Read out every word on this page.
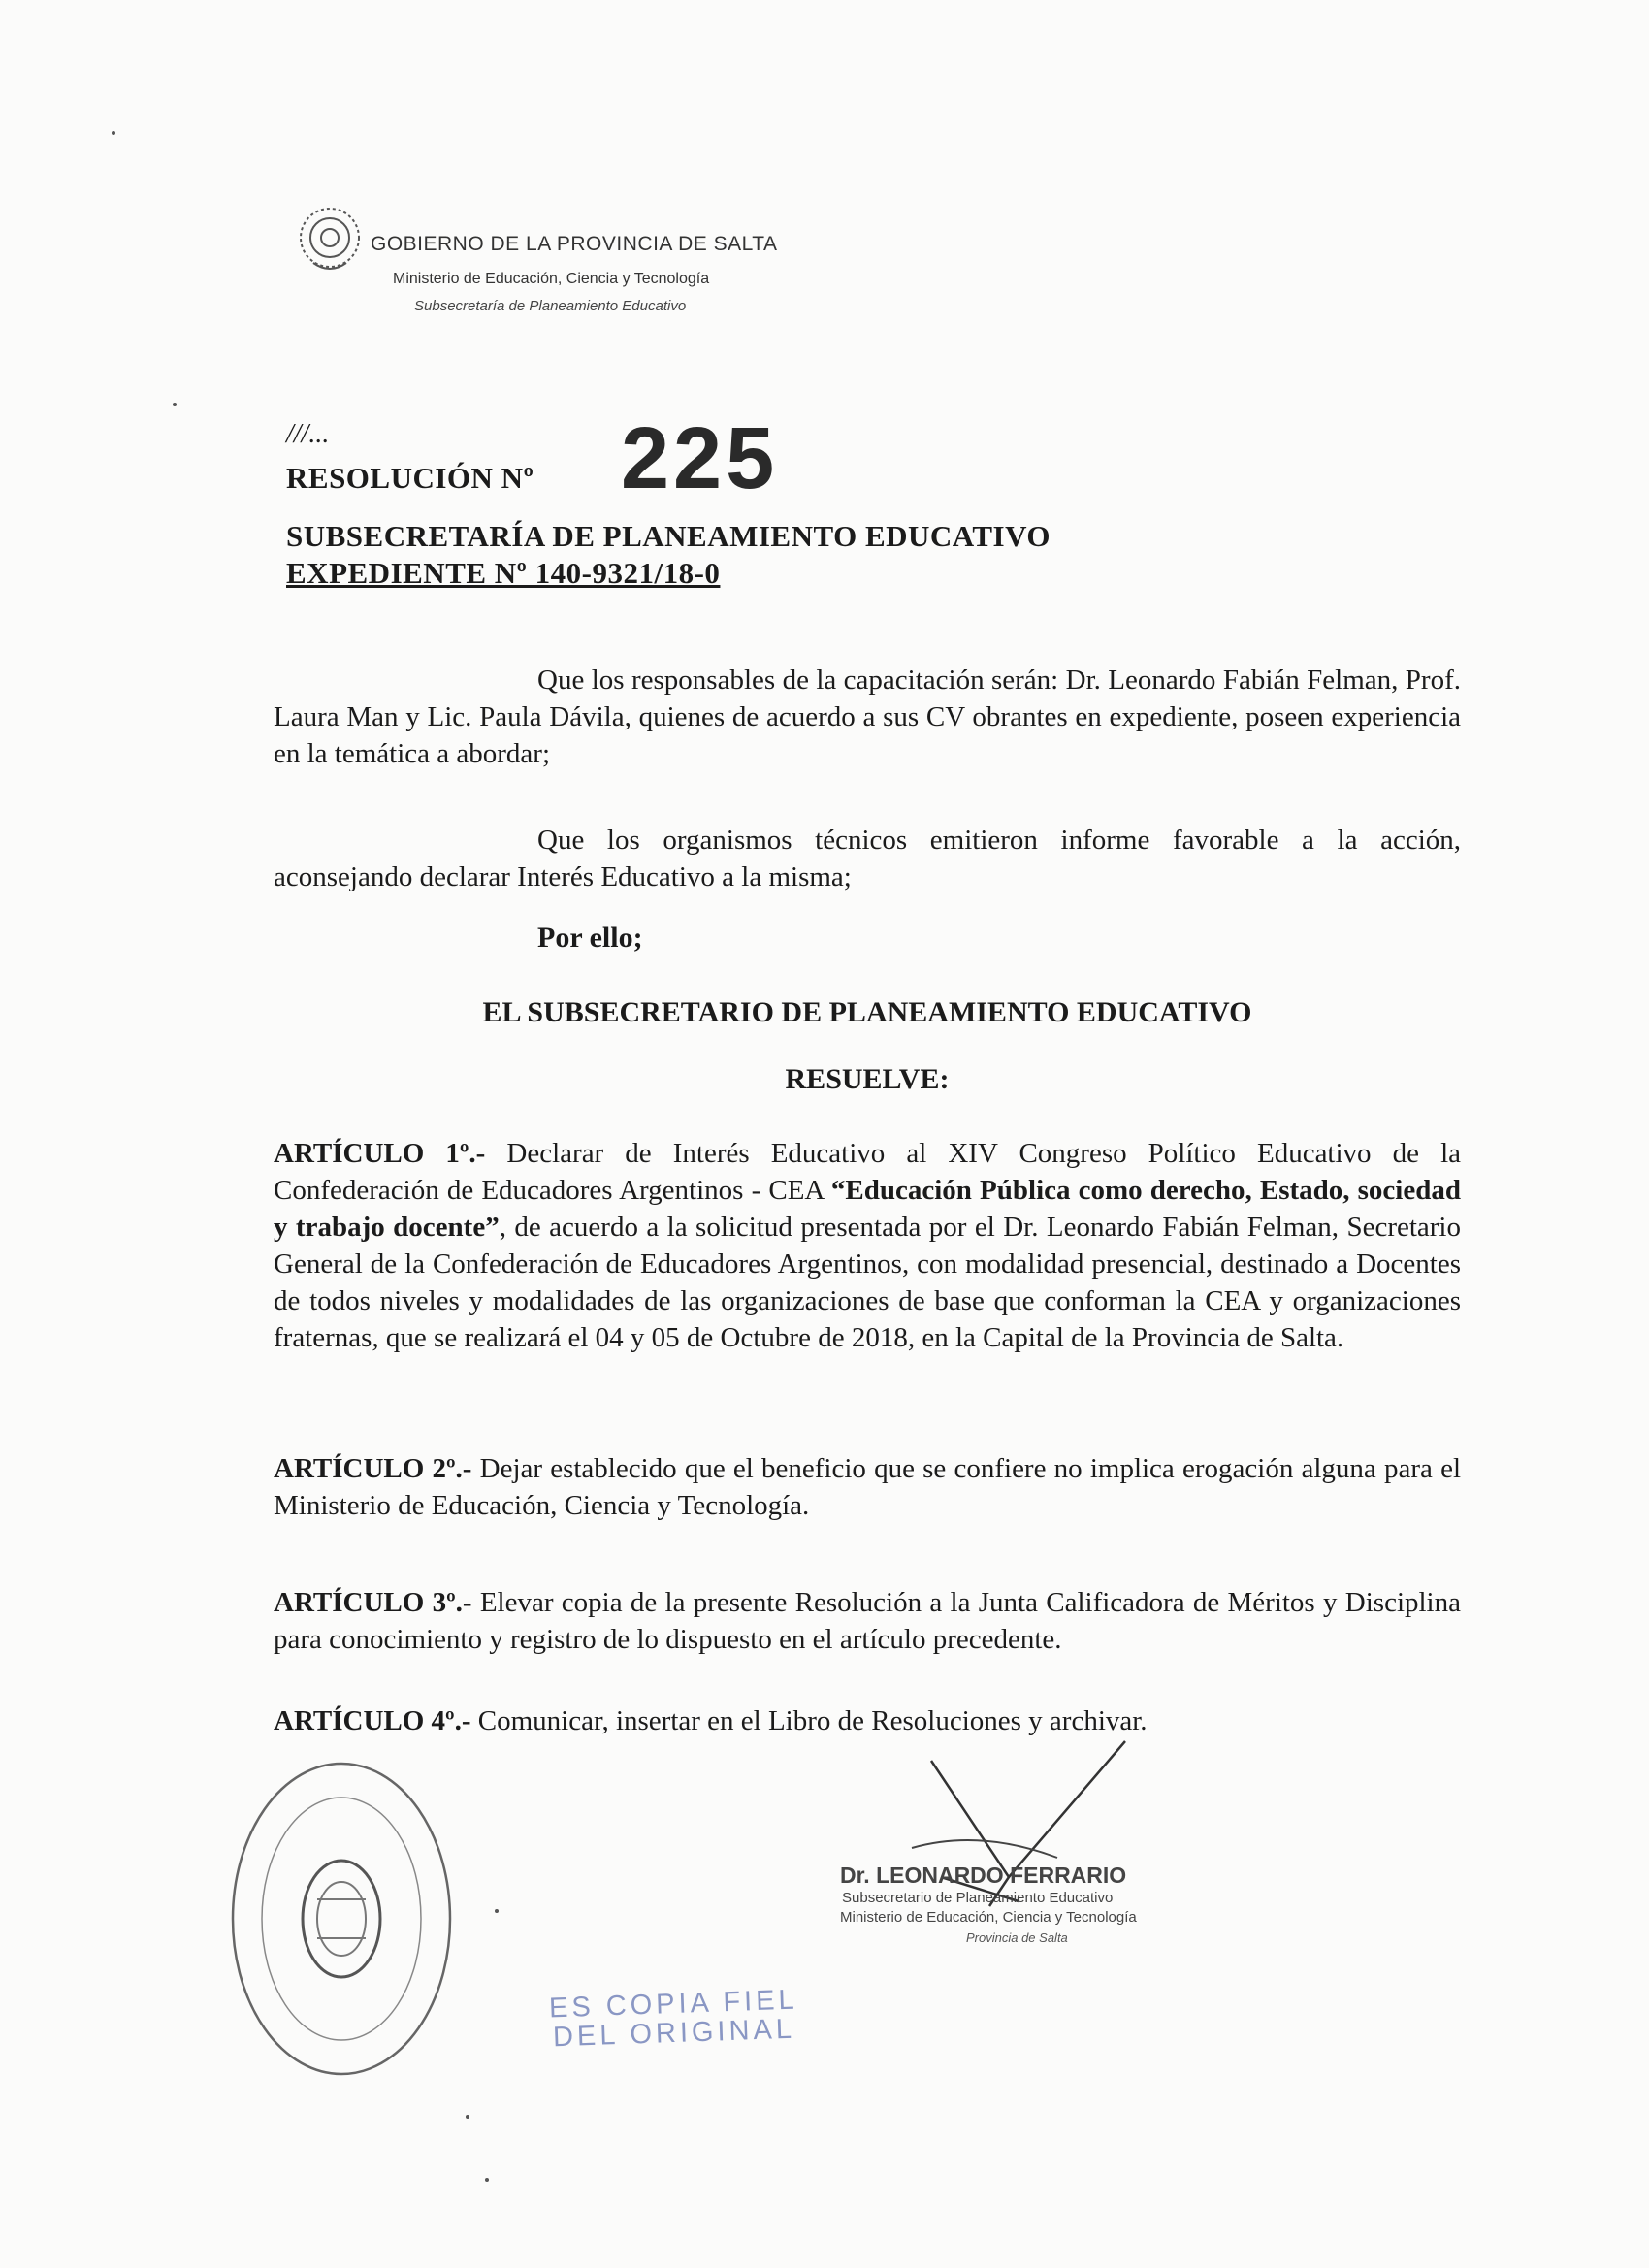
GOBIERNO DE LA PROVINCIA DE SALTA
Ministerio de Educación, Ciencia y Tecnología
Subsecretaría de Planeamiento Educativo
///...
RESOLUCIÓN Nº 225
SUBSECRETARÍA DE PLANEAMIENTO EDUCATIVO
EXPEDIENTE Nº 140-9321/18-0
Que los responsables de la capacitación serán: Dr. Leonardo Fabián Felman, Prof. Laura Man y Lic. Paula Dávila, quienes de acuerdo a sus CV obrantes en expediente, poseen experiencia en la temática a abordar;
Que los organismos técnicos emitieron informe favorable a la acción, aconsejando declarar Interés Educativo a la misma;
Por ello;
EL SUBSECRETARIO DE PLANEAMIENTO EDUCATIVO
RESUELVE:
ARTÍCULO 1º.- Declarar de Interés Educativo al XIV Congreso Político Educativo de la Confederación de Educadores Argentinos - CEA “Educación Pública como derecho, Estado, sociedad y trabajo docente”, de acuerdo a la solicitud presentada por el Dr. Leonardo Fabián Felman, Secretario General de la Confederación de Educadores Argentinos, con modalidad presencial, destinado a Docentes de todos niveles y modalidades de las organizaciones de base que conforman la CEA y organizaciones fraternas, que se realizará el 04 y 05 de Octubre de 2018, en la Capital de la Provincia de Salta.
ARTÍCULO 2º.- Dejar establecido que el beneficio que se confiere no implica erogación alguna para el Ministerio de Educación, Ciencia y Tecnología.
ARTÍCULO 3º.- Elevar copia de la presente Resolución a la Junta Calificadora de Méritos y Disciplina para conocimiento y registro de lo dispuesto en el artículo precedente.
ARTÍCULO 4º.- Comunicar, insertar en el Libro de Resoluciones y archivar.
ES COPIA FIEL
DEL ORIGINAL
Dr. LEONARDO FERRARIO
Subsecretario de Planeamiento Educativo
Ministerio de Educación, Ciencia y Tecnología
Provincia de Salta
